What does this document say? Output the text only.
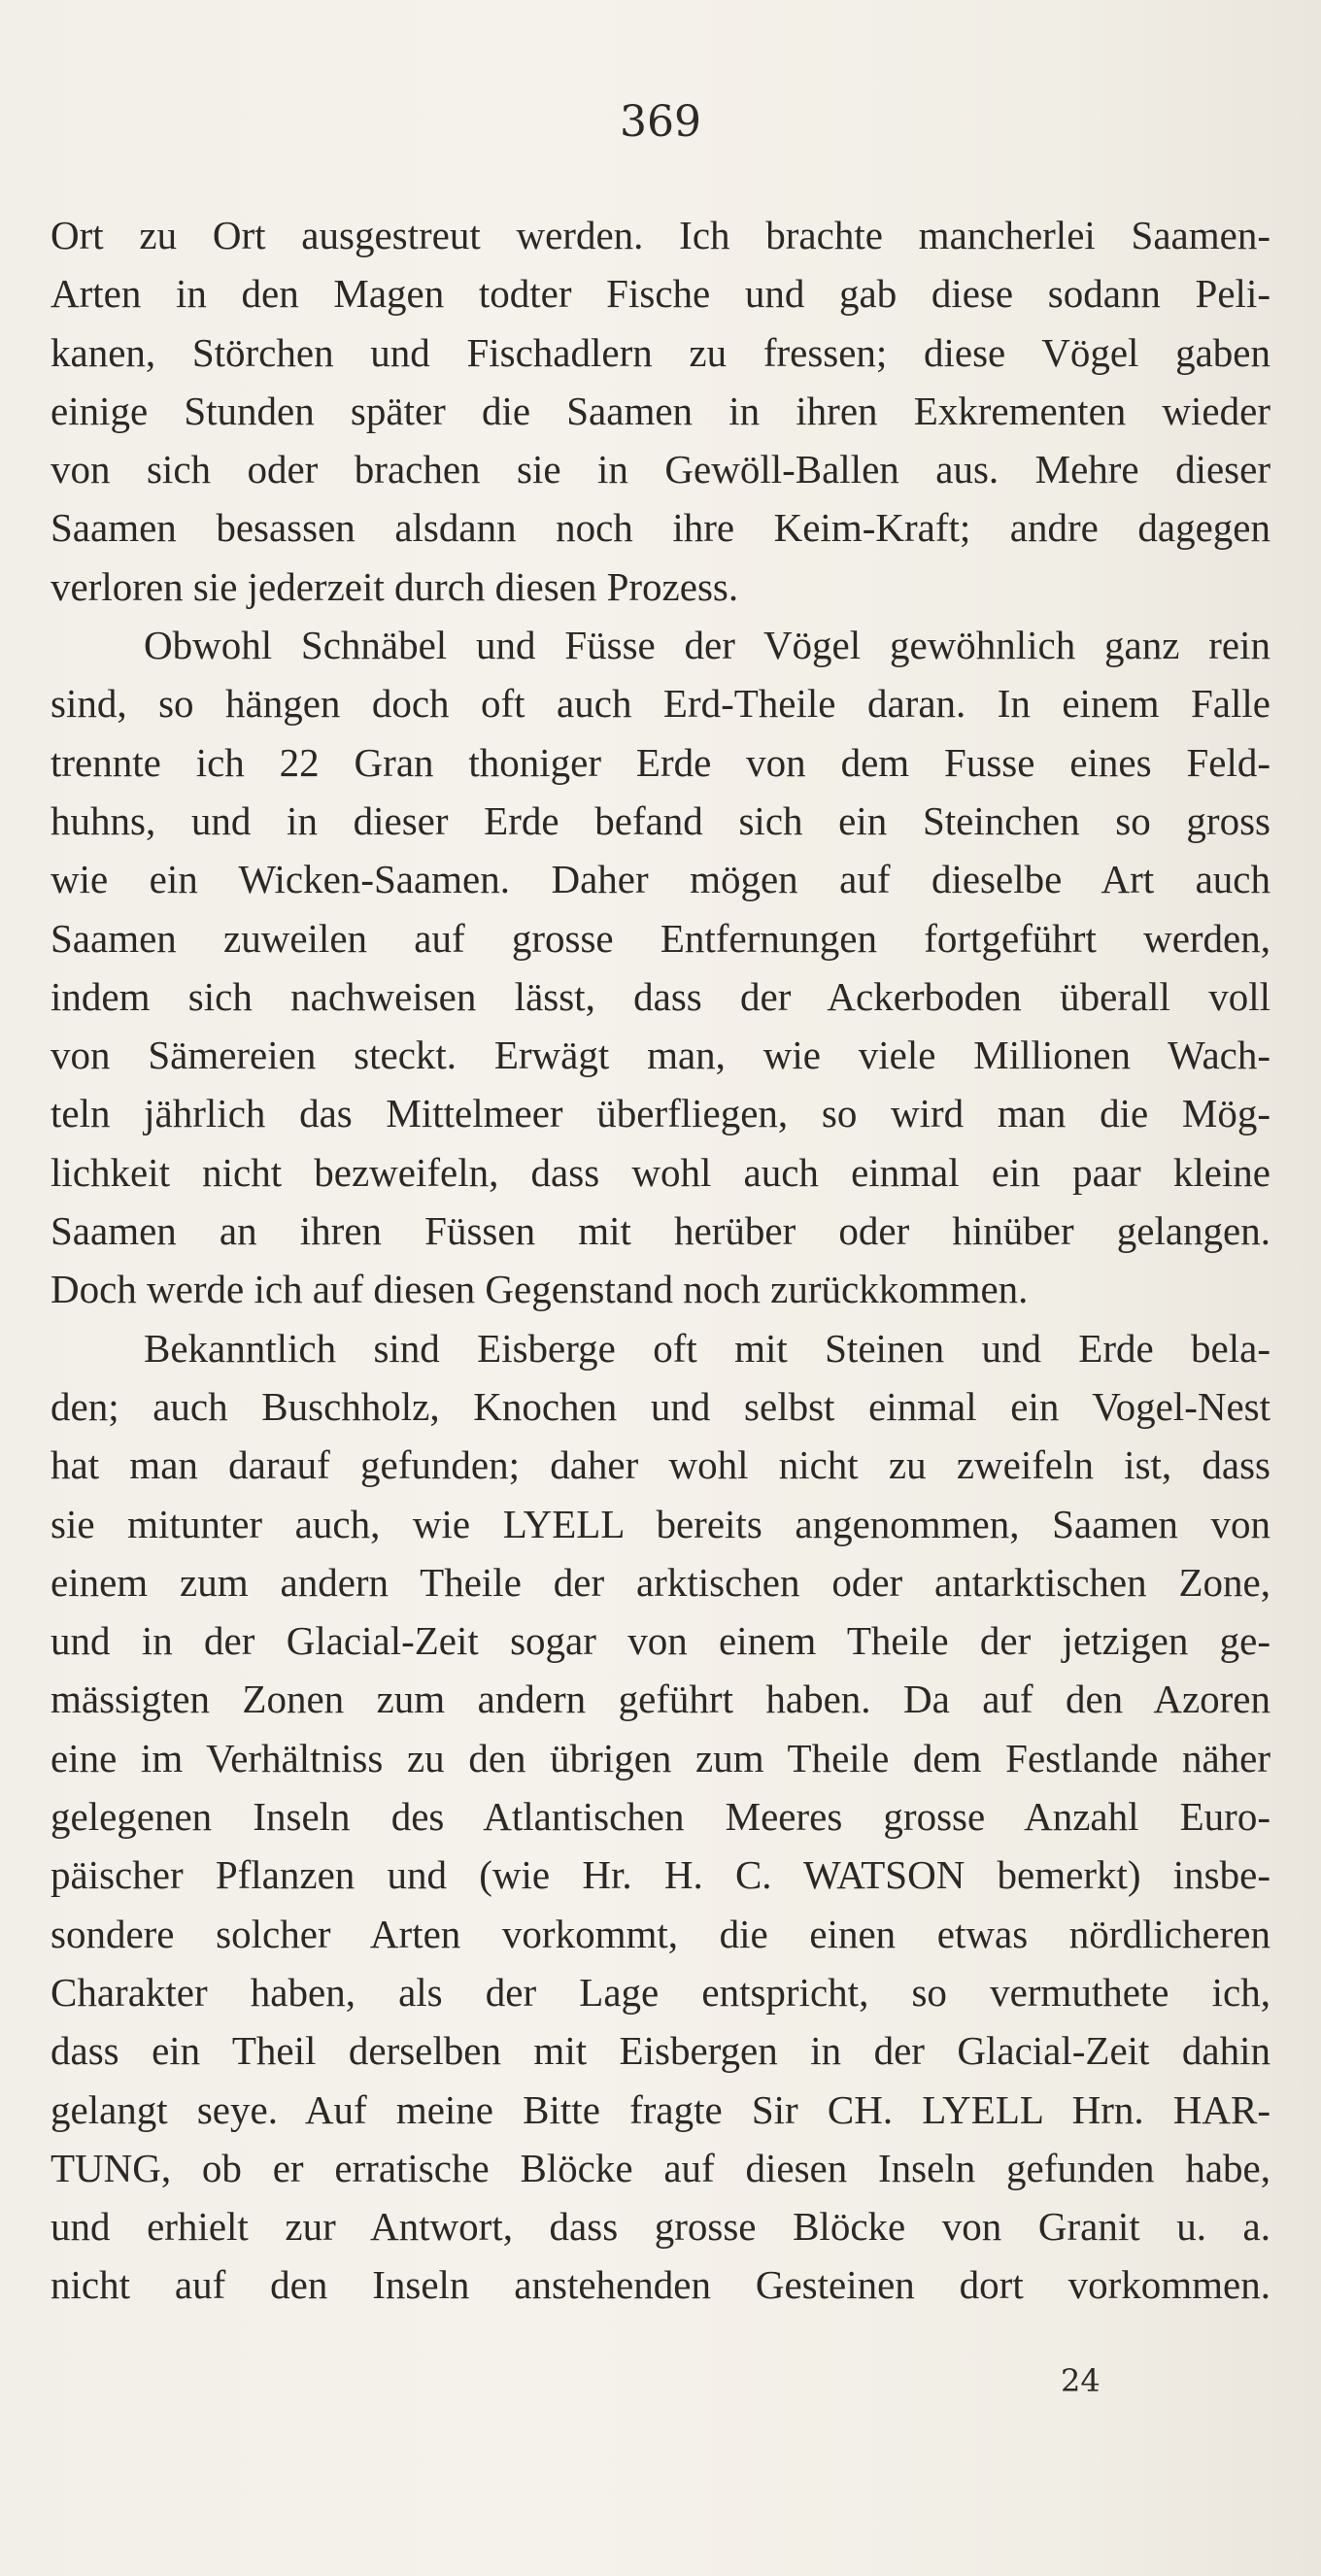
369
Ort zu Ort ausgestreut werden. Ich brachte mancherlei Saamen-
Arten in den Magen todter Fische und gab diese sodann Peli-
kanen, Störchen und Fischadlern zu fressen; diese Vögel gaben
einige Stunden später die Saamen in ihren Exkrementen wieder
von sich oder brachen sie in Gewöll-Ballen aus. Mehre dieser
Saamen besassen alsdann noch ihre Keim-Kraft; andre dagegen
verloren sie jederzeit durch diesen Prozess.
Obwohl Schnäbel und Füsse der Vögel gewöhnlich ganz rein
sind, so hängen doch oft auch Erd-Theile daran. In einem Falle
trennte ich 22 Gran thoniger Erde von dem Fusse eines Feld-
huhns, und in dieser Erde befand sich ein Steinchen so gross
wie ein Wicken-Saamen. Daher mögen auf dieselbe Art auch
Saamen zuweilen auf grosse Entfernungen fortgeführt werden,
indem sich nachweisen lässt, dass der Ackerboden überall voll
von Sämereien steckt. Erwägt man, wie viele Millionen Wach-
teln jährlich das Mittelmeer überfliegen, so wird man die Mög-
lichkeit nicht bezweifeln, dass wohl auch einmal ein paar kleine
Saamen an ihren Füssen mit herüber oder hinüber gelangen.
Doch werde ich auf diesen Gegenstand noch zurückkommen.
Bekanntlich sind Eisberge oft mit Steinen und Erde bela-
den; auch Buschholz, Knochen und selbst einmal ein Vogel-Nest
hat man darauf gefunden; daher wohl nicht zu zweifeln ist, dass
sie mitunter auch, wie LYELL bereits angenommen, Saamen von
einem zum andern Theile der arktischen oder antarktischen Zone,
und in der Glacial-Zeit sogar von einem Theile der jetzigen ge-
mässigten Zonen zum andern geführt haben. Da auf den Azoren
eine im Verhältniss zu den übrigen zum Theile dem Festlande näher
gelegenen Inseln des Atlantischen Meeres grosse Anzahl Euro-
päischer Pflanzen und (wie Hr. H. C. WATSON bemerkt) insbe-
sondere solcher Arten vorkommt, die einen etwas nördlicheren
Charakter haben, als der Lage entspricht, so vermuthete ich,
dass ein Theil derselben mit Eisbergen in der Glacial-Zeit dahin
gelangt seye. Auf meine Bitte fragte Sir CH. LYELL Hrn. HAR-
TUNG, ob er erratische Blöcke auf diesen Inseln gefunden habe,
und erhielt zur Antwort, dass grosse Blöcke von Granit u. a.
nicht auf den Inseln anstehenden Gesteinen dort vorkommen.
24
